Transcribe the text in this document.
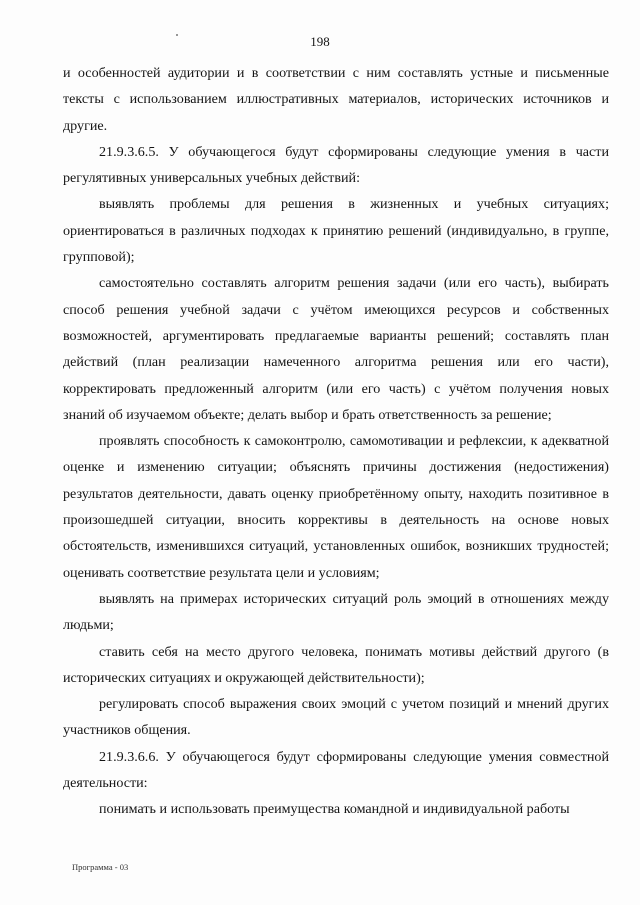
198

и особенностей аудитории и в соответствии с ним составлять устные и письменные тексты с использованием иллюстративных материалов, исторических источников и другие.

21.9.3.6.5. У обучающегося будут сформированы следующие умения в части регулятивных универсальных учебных действий:

выявлять проблемы для решения в жизненных и учебных ситуациях; ориентироваться в различных подходах к принятию решений (индивидуально, в группе, групповой);

самостоятельно составлять алгоритм решения задачи (или его часть), выбирать способ решения учебной задачи с учётом имеющихся ресурсов и собственных возможностей, аргументировать предлагаемые варианты решений; составлять план действий (план реализации намеченного алгоритма решения или его части), корректировать предложенный алгоритм (или его часть) с учётом получения новых знаний об изучаемом объекте; делать выбор и брать ответственность за решение;

проявлять способность к самоконтролю, самомотивации и рефлексии, к адекватной оценке и изменению ситуации; объяснять причины достижения (недостижения) результатов деятельности, давать оценку приобретённому опыту, находить позитивное в произошедшей ситуации, вносить коррективы в деятельность на основе новых обстоятельств, изменившихся ситуаций, установленных ошибок, возникших трудностей; оценивать соответствие результата цели и условиям;

выявлять на примерах исторических ситуаций роль эмоций в отношениях между людьми;

ставить себя на место другого человека, понимать мотивы действий другого (в исторических ситуациях и окружающей действительности);

регулировать способ выражения своих эмоций с учетом позиций и мнений других участников общения.

21.9.3.6.6. У обучающегося будут сформированы следующие умения совместной деятельности:

понимать и использовать преимущества командной и индивидуальной работы

Программа - 03
